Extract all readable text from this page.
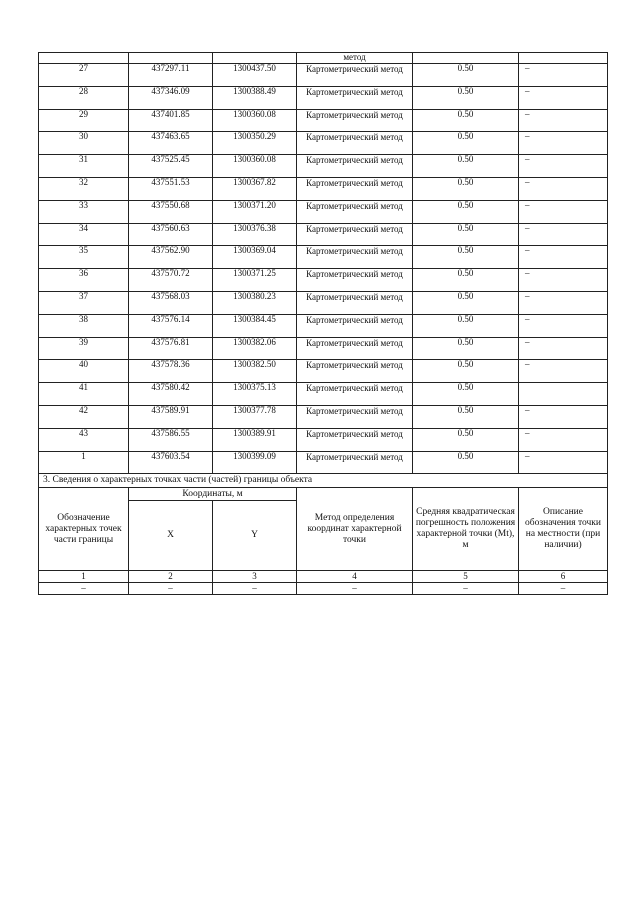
			метод		
27	437297.11	1300437.50	Картометрический метод	0.50	–
28	437346.09	1300388.49	Картометрический метод	0.50	–
29	437401.85	1300360.08	Картометрический метод	0.50	–
30	437463.65	1300350.29	Картометрический метод	0.50	–
31	437525.45	1300360.08	Картометрический метод	0.50	–
32	437551.53	1300367.82	Картометрический метод	0.50	–
33	437550.68	1300371.20	Картометрический метод	0.50	–
34	437560.63	1300376.38	Картометрический метод	0.50	–
35	437562.90	1300369.04	Картометрический метод	0.50	–
36	437570.72	1300371.25	Картометрический метод	0.50	–
37	437568.03	1300380.23	Картометрический метод	0.50	–
38	437576.14	1300384.45	Картометрический метод	0.50	–
39	437576.81	1300382.06	Картометрический метод	0.50	–
40	437578.36	1300382.50	Картометрический метод	0.50	–
41	437580.42	1300375.13	Картометрический метод	0.50	
42	437589.91	1300377.78	Картометрический метод	0.50	–
43	437586.55	1300389.91	Картометрический метод	0.50	–
1	437603.54	1300399.09	Картометрический метод	0.50	–
3. Сведения о характерных точках части (частей) границы объекта					
Обозначение характерных точек части границы	Координаты, м		Метод определения координат характерной точки	Средняя квадратическая погрешность положения характерной точки (Mt), м	Описание обозначения точки на местности (при наличии)
	X	Y			
1	2	3	4	5	6
–	–	–	–	–	–
